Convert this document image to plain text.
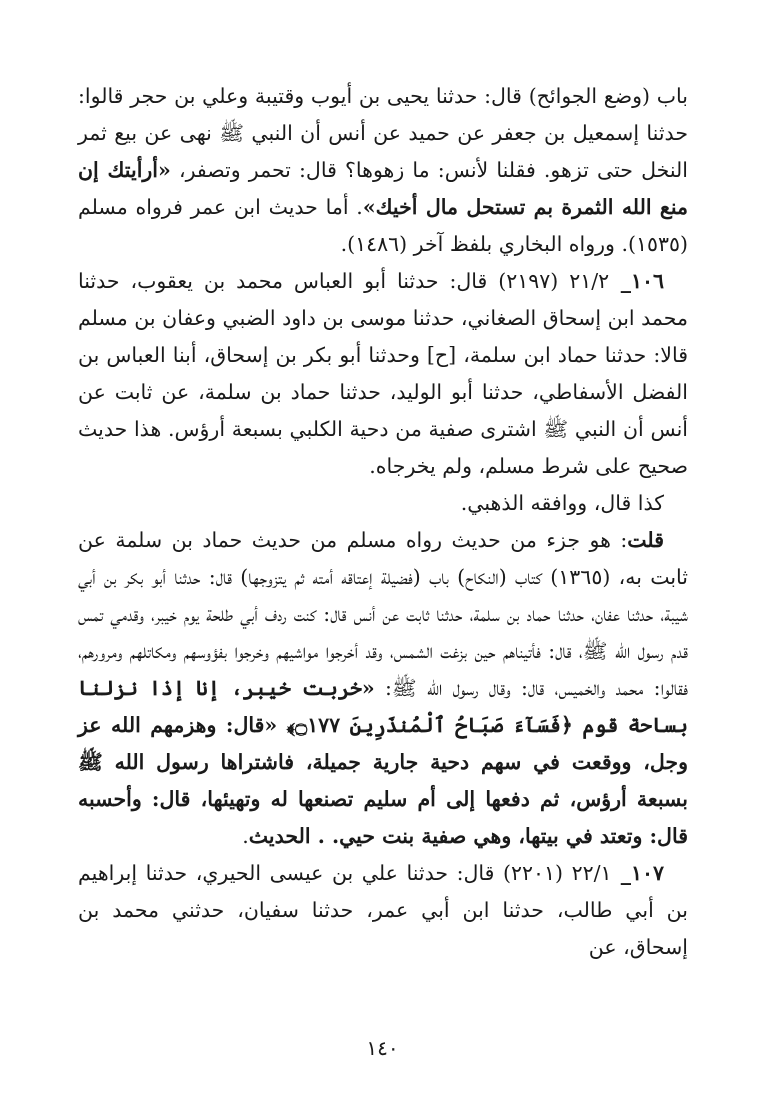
باب (وضع الجوائح) قال: حدثنا يحيى بن أيوب وقتيبة وعلي بن حجر قالوا: حدثنا إسمعيل بن جعفر عن حميد عن أنس أن النبي ﷺ نهى عن بيع ثمر النخل حتى تزهو. فقلنا لأنس: ما زهوها؟ قال: تحمر وتصفر، «أرأيتك إن منع الله الثمرة بم تستحل مال أخيك». أما حديث ابن عمر فرواه مسلم (١٥٣٥). ورواه البخاري بلفظ آخر (١٤٨٦).

١٠٦_ ٢١/٢ (٢١٩٧) قال: حدثنا أبو العباس محمد بن يعقوب، حدثنا محمد ابن إسحاق الصغاني، حدثنا موسى بن داود الضبي وعفان بن مسلم قالا: حدثنا حماد ابن سلمة، [ح] وحدثنا أبو بكر بن إسحاق، أبنا العباس بن الفضل الأسفاطي، حدثنا أبو الوليد، حدثنا حماد بن سلمة، عن ثابت عن أنس أن النبي ﷺ اشترى صفية من دحية الكلبي بسبعة أرؤس. هذا حديث صحيح على شرط مسلم، ولم يخرجاه.

كذا قال، ووافقه الذهبي.

قلت: هو جزء من حديث رواه مسلم من حديث حماد بن سلمة عن ثابت به، (١٣٦٥) كتاب (النكاح) باب (فضيلة إعتاقه أمته ثم يتزوجها) قال: حدثنا أبو بكر بن أبي شيبة، حدثنا عفان، حدثنا حماد بن سلمة، حدثنا ثابت عن أنس قال: كنت ردف أبي طلحة يوم خيبر، وقدمي تمس قدم رسول الله ﷺ، قال: فأتيناهم حين بزغت الشمس، وقد أخرجوا مواشيهم وخرجوا بفؤوسهم ومكاتلهم ومرورهم، فقالوا: محمد والخميس، قال: وقال رسول الله ﷺ: «خربت خيبر، إنا إذا نزلنا بساحة قوم ﴿فَسَآءَ صَبَاحُ ٱلْمُنذَرِينَ ۝١٧٧﴾ «قال: وهزمهم الله عز وجل، ووقعت في سهم دحية جارية جميلة، فاشتراها رسول الله ﷺ بسبعة أرؤس، ثم دفعها إلى أم سليم تصنعها له وتهيئها، قال: وأحسبه قال: وتعتد في بيتها، وهي صفية بنت حيي. . الحديث.

١٠٧_ ٢٢/١ (٢٢٠١) قال: حدثنا علي بن عيسى الحيري، حدثنا إبراهيم بن أبي طالب، حدثنا ابن أبي عمر، حدثنا سفيان، حدثني محمد بن إسحاق، عن

١٤٠
